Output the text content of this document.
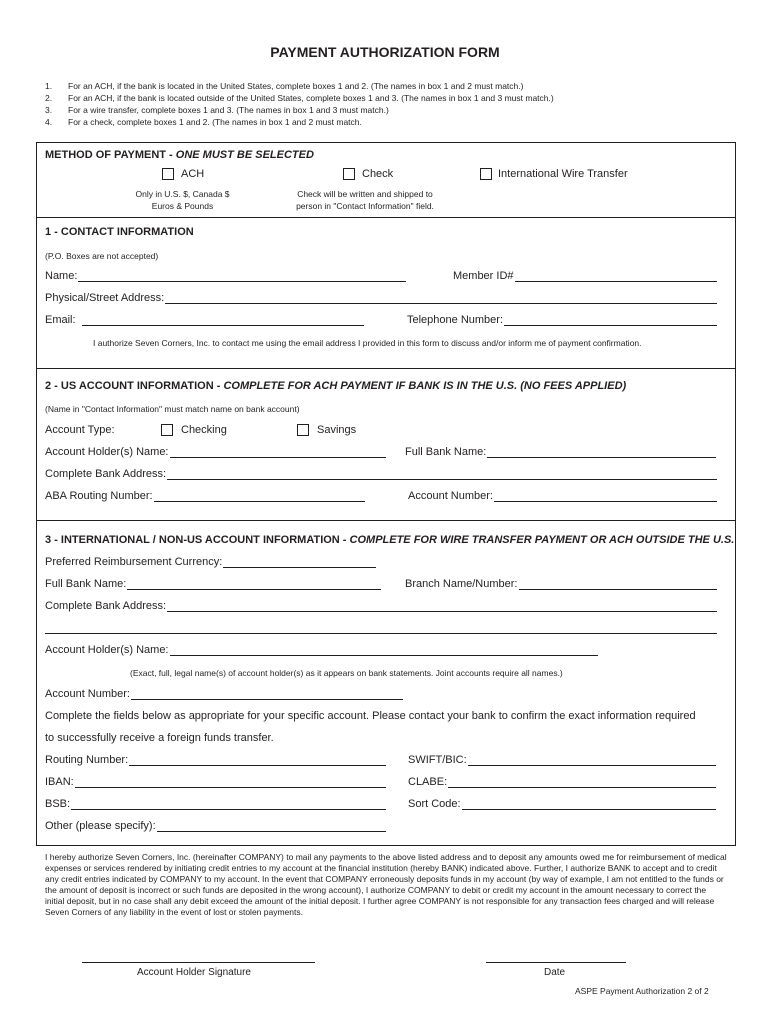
PAYMENT AUTHORIZATION FORM
1.	For an ACH, if the bank is located in the United States, complete boxes 1 and 2. (The names in box 1 and 2 must match.)
2.	For an ACH, if the bank is located outside of the United States, complete boxes 1 and 3. (The names in box 1 and 3 must match.)
3.	For a wire transfer, complete boxes 1 and 3. (The names in box 1 and 3 must match.)
4.	For a check, complete boxes 1 and 2. (The names in box 1 and 2 must match.
METHOD OF PAYMENT - ONE MUST BE SELECTED
ACH	Check	International Wire Transfer
Only in U.S. $, Canada $
Euros & Pounds
Check will be written and shipped to
person in "Contact Information" field.
1 - CONTACT INFORMATION
(P.O. Boxes are not accepted)
Name:	Member ID#
Physical/Street Address:
Email:	Telephone Number:
I authorize Seven Corners, Inc. to contact me using the email address I provided in this form to discuss and/or inform me of payment confirmation.
2 - US ACCOUNT INFORMATION - COMPLETE FOR ACH PAYMENT IF BANK IS IN THE U.S. (NO FEES APPLIED)
(Name in "Contact Information" must match name on bank account)
Account Type:	Checking	Savings
Account Holder(s) Name:	Full Bank Name:
Complete Bank Address:
ABA Routing Number:	Account Number:
3 - INTERNATIONAL / NON-US ACCOUNT INFORMATION - COMPLETE FOR WIRE TRANSFER PAYMENT OR ACH OUTSIDE THE U.S.
Preferred Reimbursement Currency:
Full Bank Name:	Branch Name/Number:
Complete Bank Address:
Account Holder(s) Name:
(Exact, full, legal name(s) of account holder(s) as it appears on bank statements. Joint accounts require all names.)
Account Number:
Complete the fields below as appropriate for your specific account. Please contact your bank to confirm the exact information required
to successfully receive a foreign funds transfer.
Routing Number:	SWIFT/BIC:
IBAN:	CLABE:
BSB:	Sort Code:
Other (please specify):
I hereby authorize Seven Corners, Inc. (hereinafter COMPANY) to mail any payments to the above listed address and to deposit any amounts owed me for reimbursement of medical expenses or services rendered by initiating credit entries to my account at the financial institution (hereby BANK) indicated above. Further, I authorize BANK to accept and to credit any credit entries indicated by COMPANY to my account. In the event that COMPANY erroneously deposits funds in my account (by way of example, I am not entitled to the funds or the amount of deposit is incorrect or such funds are deposited in the wrong account), I authorize COMPANY to debit or credit my account in the amount necessary to correct the initial deposit, but in no case shall any debit exceed the amount of the initial deposit. I further agree COMPANY is not responsible for any transaction fees charged and will release Seven Corners of any liability in the event of lost or stolen payments.
Account Holder Signature	Date
ASPE Payment Authorization 2 of 2
